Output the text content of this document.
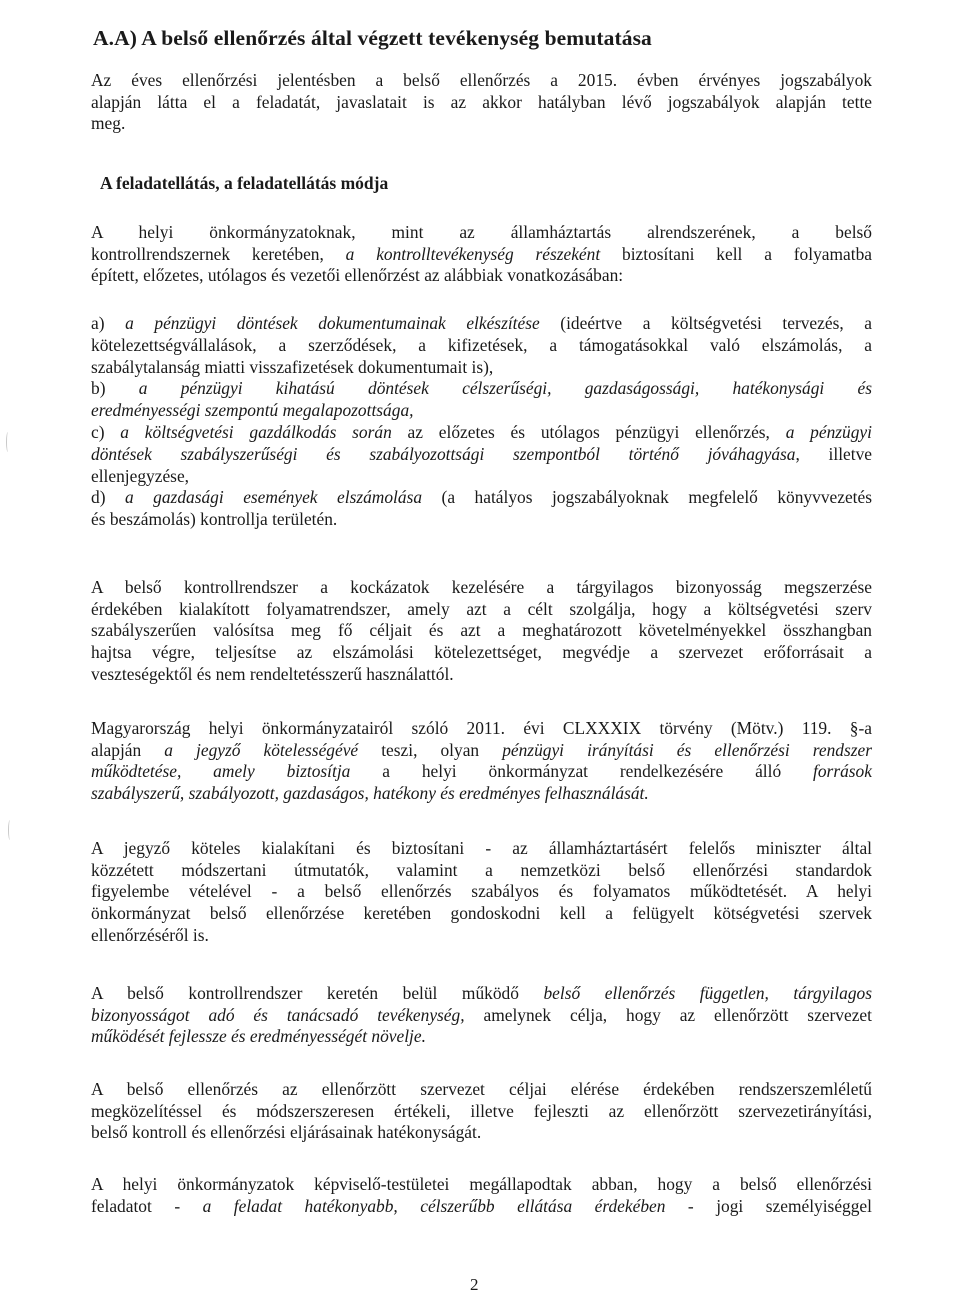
A.A) A belső ellenőrzés által végzett tevékenység bemutatása
Az éves ellenőrzési jelentésben a belső ellenőrzés a 2015. évben érvényes jogszabályok
alapján látta el a feladatát, javaslatait is az akkor hatályban lévő jogszabályok alapján tette
meg.
A feladatellátás, a feladatellátás módja
A helyi önkormányzatoknak, mint az államháztartás alrendszerének, a belső
kontrollrendszernek keretében, a kontrolltevékenység részeként biztosítani kell a folyamatba
épített, előzetes, utólagos és vezetői ellenőrzést az alábbiak vonatkozásában:
a) a pénzügyi döntések dokumentumainak elkészítése (ideértve a költségvetési tervezés, a
kötelezettségvállalások, a szerződések, a kifizetések, a támogatásokkal való elszámolás, a
szabálytalanság miatti visszafizetések dokumentumait is),
b) a pénzügyi kihatású döntések célszerűségi, gazdaságossági, hatékonysági és
eredményességi szempontú megalapozottsága,
c) a költségvetési gazdálkodás során az előzetes és utólagos pénzügyi ellenőrzés, a pénzügyi
döntések szabályszerűségi és szabályozottsági szempontból történő jóváhagyása, illetve
ellenjegyzése,
d) a gazdasági események elszámolása (a hatályos jogszabályoknak megfelelő könyvvezetés
és beszámolás) kontrollja területén.
A belső kontrollrendszer a kockázatok kezelésére a tárgyilagos bizonyosság megszerzése
érdekében kialakított folyamatrendszer, amely azt a célt szolgálja, hogy a költségvetési szerv
szabályszerűen valósítsa meg fő céljait és azt a meghatározott követelményekkel összhangban
hajtsa végre, teljesítse az elszámolási kötelezettséget, megvédje a szervezet erőforrásait a
veszteségektől és nem rendeltetésszerű használattól.
Magyarország helyi önkormányzatairól szóló 2011. évi CLXXXIX törvény (Mötv.) 119. §-a
alapján a jegyző kötelességévé teszi, olyan pénzügyi irányítási és ellenőrzési rendszer
működtetése, amely biztosítja a helyi önkormányzat rendelkezésére álló források
szabályszerű, szabályozott, gazdaságos, hatékony és eredményes felhasználását.
A jegyző köteles kialakítani és biztosítani - az államháztartásért felelős miniszter által
közzétett módszertani útmutatók, valamint a nemzetközi belső ellenőrzési standardok
figyelembe vételével - a belső ellenőrzés szabályos és folyamatos működtetését. A helyi
önkormányzat belső ellenőrzése keretében gondoskodni kell a felügyelt kötségvetési szervek
ellenőrzéséről is.
A belső kontrollrendszer keretén belül működő belső ellenőrzés független, tárgyilagos
bizonyosságot adó és tanácsadó tevékenység, amelynek célja, hogy az ellenőrzött szervezet
működését fejlessze és eredményességét növelje.
A belső ellenőrzés az ellenőrzött szervezet céljai elérése érdekében rendszerszemléletű
megközelítéssel és módszerszeresen értékeli, illetve fejleszti az ellenőrzött szervezetirányítási,
belső kontroll és ellenőrzési eljárásainak hatékonyságát.
A helyi önkormányzatok képviselő-testületei megállapodtak abban, hogy a belső ellenőrzési
feladatot - a feladat hatékonyabb, célszerűbb ellátása érdekében - jogi személyiséggel
2
